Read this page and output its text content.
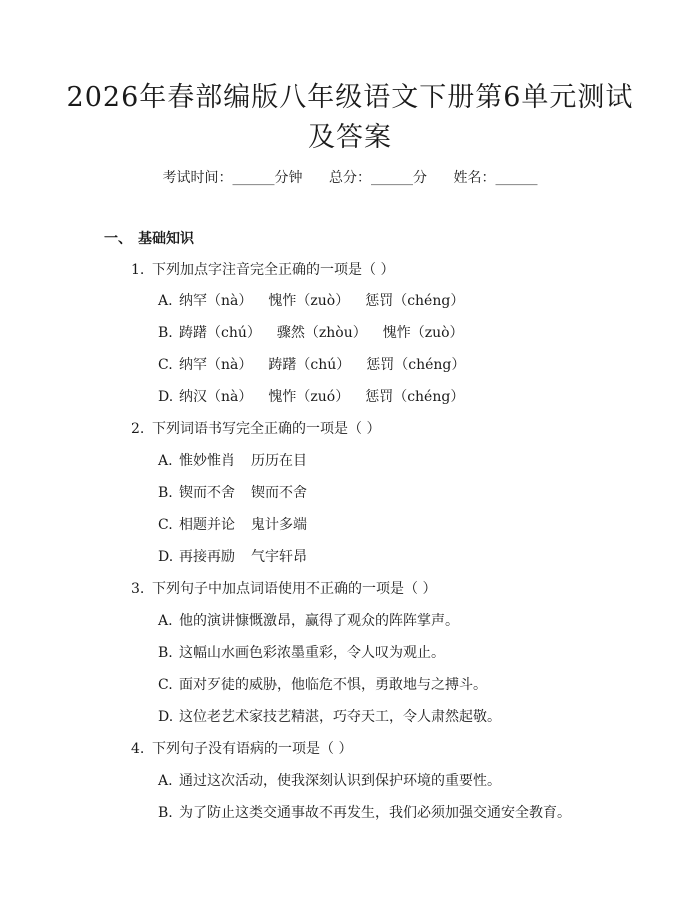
2026年春部编版八年级语文下册第6单元测试及答案
考试时间：______分钟 总分：______分 姓名：______
一、 基础知识
1. 下列加点字注音完全正确的一项是（ ）
A. 纳罕（nà） 愧怍（zuò） 惩罚（chéng）
B. 踌躇（chú） 骤然（zhòu） 愧怍（zuò）
C. 纳罕（nà） 踌躇（chú） 惩罚（chéng）
D. 纳汉（nà） 愧怍（zuó） 惩罚（chéng）
2. 下列词语书写完全正确的一项是（ ）
A. 惟妙惟肖 历历在目
B. 锲而不舍 锲而不舍
C. 相题并论 鬼计多端
D. 再接再励 气宇轩昂
3. 下列句子中加点词语使用不正确的一项是（ ）
A. 他的演讲慷慨激昂，赢得了观众的阵阵掌声。
B. 这幅山水画色彩浓墨重彩，令人叹为观止。
C. 面对歹徒的威胁，他临危不惧，勇敢地与之搏斗。
D. 这位老艺术家技艺精湛，巧夺天工，令人肃然起敬。
4. 下列句子没有语病的一项是（ ）
A. 通过这次活动，使我深刻认识到保护环境的重要性。
B. 为了防止这类交通事故不再发生，我们必须加强交通安全教育。
